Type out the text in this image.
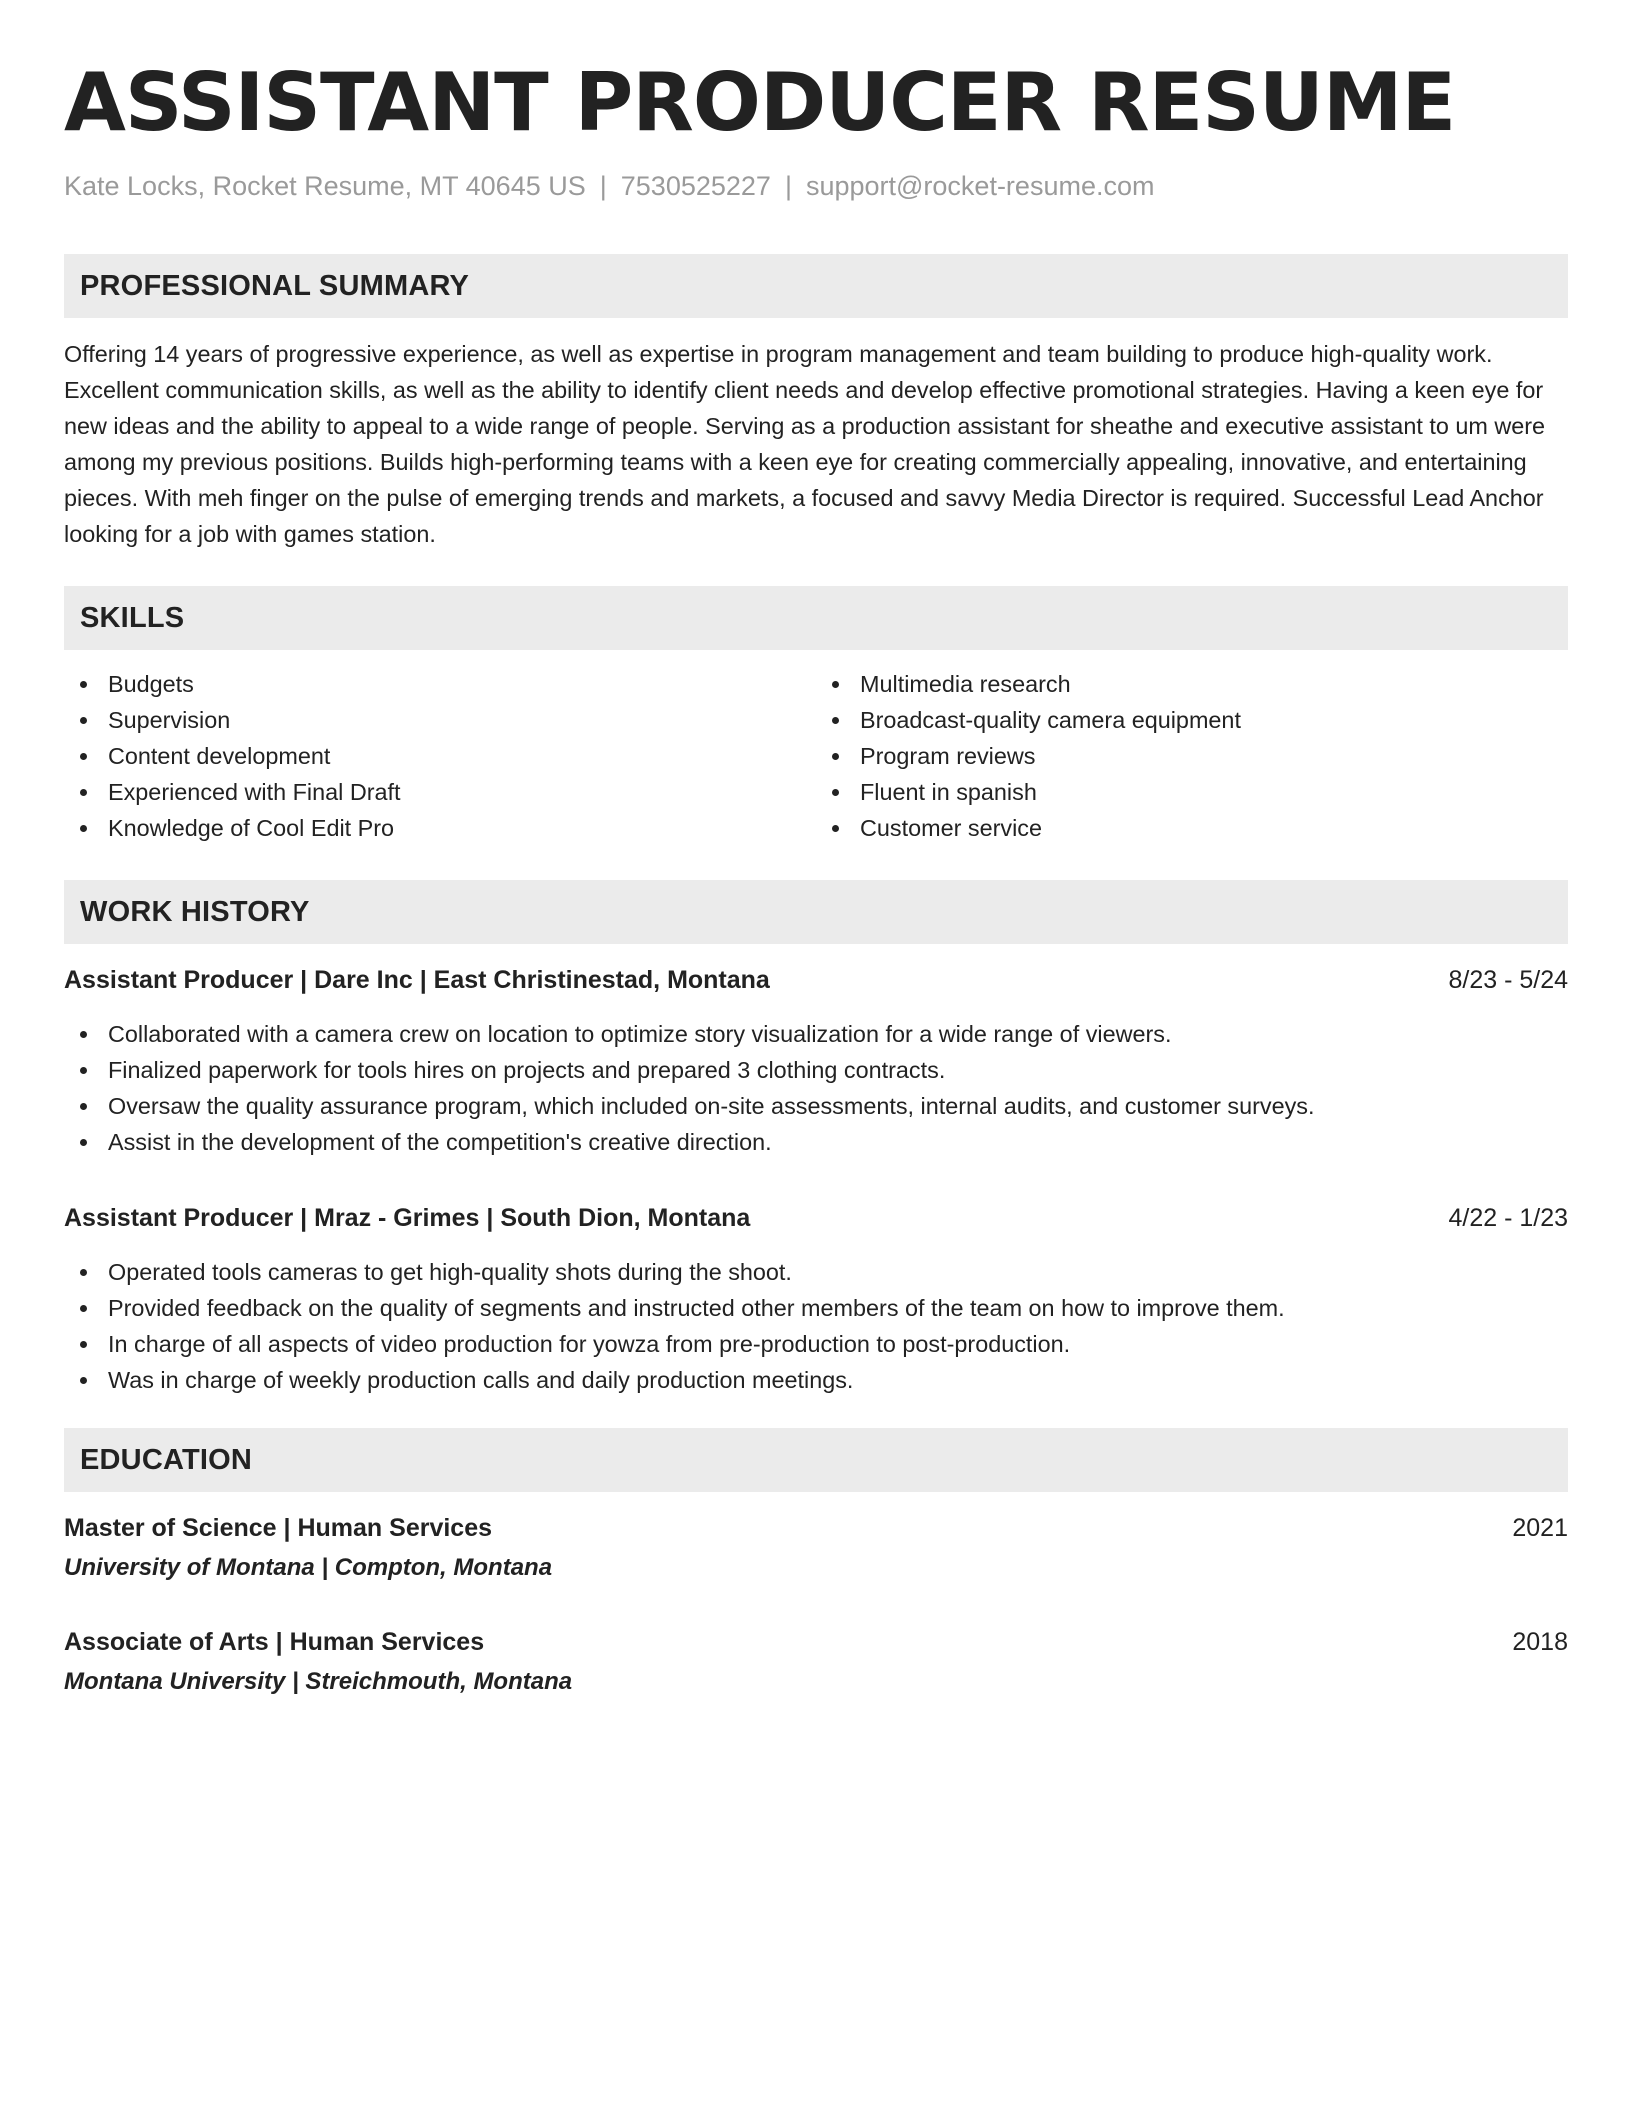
ASSISTANT PRODUCER RESUME
Kate Locks, Rocket Resume, MT 40645 US | 7530525227 | support@rocket-resume.com
PROFESSIONAL SUMMARY
Offering 14 years of progressive experience, as well as expertise in program management and team building to produce high-quality work. Excellent communication skills, as well as the ability to identify client needs and develop effective promotional strategies. Having a keen eye for new ideas and the ability to appeal to a wide range of people. Serving as a production assistant for sheathe and executive assistant to um were among my previous positions. Builds high-performing teams with a keen eye for creating commercially appealing, innovative, and entertaining pieces. With meh finger on the pulse of emerging trends and markets, a focused and savvy Media Director is required. Successful Lead Anchor looking for a job with games station.
SKILLS
Budgets
Supervision
Content development
Experienced with Final Draft
Knowledge of Cool Edit Pro
Multimedia research
Broadcast-quality camera equipment
Program reviews
Fluent in spanish
Customer service
WORK HISTORY
Assistant Producer | Dare Inc | East Christinestad, Montana	8/23 - 5/24
Collaborated with a camera crew on location to optimize story visualization for a wide range of viewers.
Finalized paperwork for tools hires on projects and prepared 3 clothing contracts.
Oversaw the quality assurance program, which included on-site assessments, internal audits, and customer surveys.
Assist in the development of the competition's creative direction.
Assistant Producer | Mraz - Grimes | South Dion, Montana	4/22 - 1/23
Operated tools cameras to get high-quality shots during the shoot.
Provided feedback on the quality of segments and instructed other members of the team on how to improve them.
In charge of all aspects of video production for yowza from pre-production to post-production.
Was in charge of weekly production calls and daily production meetings.
EDUCATION
Master of Science | Human Services	2021
University of Montana | Compton, Montana
Associate of Arts | Human Services	2018
Montana University | Streichmouth, Montana
